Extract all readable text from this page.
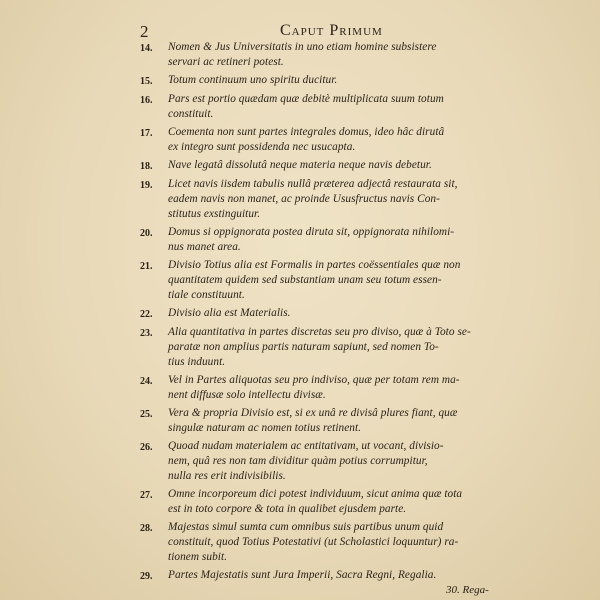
2	Caput Primum
14.	Nomen & Jus Universitatis in uno etiam homine subsistere
servari ac retineri potest.
15.	Totum continuum uno spiritu ducitur.
16.	Pars est portio quædam quæ debitè multiplicata suum totum
constituit.
17.	Coementa non sunt partes integrales domus, ideo hâc dirutâ
ex integro sunt possidenda nec usucapta.
18.	Nave legatâ dissolutâ neque materia neque navis debetur.
19.	Licet navis iisdem tabulis nullâ præterea adjectâ restaurata sit,
eadem navis non manet, ac proinde Ususfructus navis Con-
stitutus exstinguitur.
20.	Domus si oppignorata postea diruta sit, oppignorata nihilomi-
nus manet area.
21.	Divisio Totius alia est Formalis in partes coëssentiales quæ non
quantitatem quidem sed substantiam unam seu totum essen-
tiale constituunt.
22.	Divisio alia est Materialis.
23.	Alia quantitativa in partes discretas seu pro diviso, quæ à Toto se-
paratæ non amplius partis naturam sapiunt, sed nomen To-
tius induunt.
24.	Vel in Partes aliquotas seu pro indiviso, quæ per totam rem ma-
nent diffusæ solo intellectu divisæ.
25.	Vera & propria Divisio est, si ex unâ re divisâ plures fiant, quæ
singulæ naturam ac nomen totius retinent.
26.	Quoad nudam materialem ac entitativam, ut vocant, divisio-
nem, quâ res non tam dividitur quàm potius corrumpitur,
nulla res erit indivisibilis.
27.	Omne incorporeum dici potest individuum, sicut anima quæ tota
est in toto corpore & tota in qualibet ejusdem parte.
28.	Majestas simul sumta cum omnibus suis partibus unum quid
constituit, quod Totius Potestativi (ut Scholastici loquuntur) ra-
tionem subit.
29.	Partes Majestatis sunt Jura Imperii, Sacra Regni, Regalia.
30. Rega-
